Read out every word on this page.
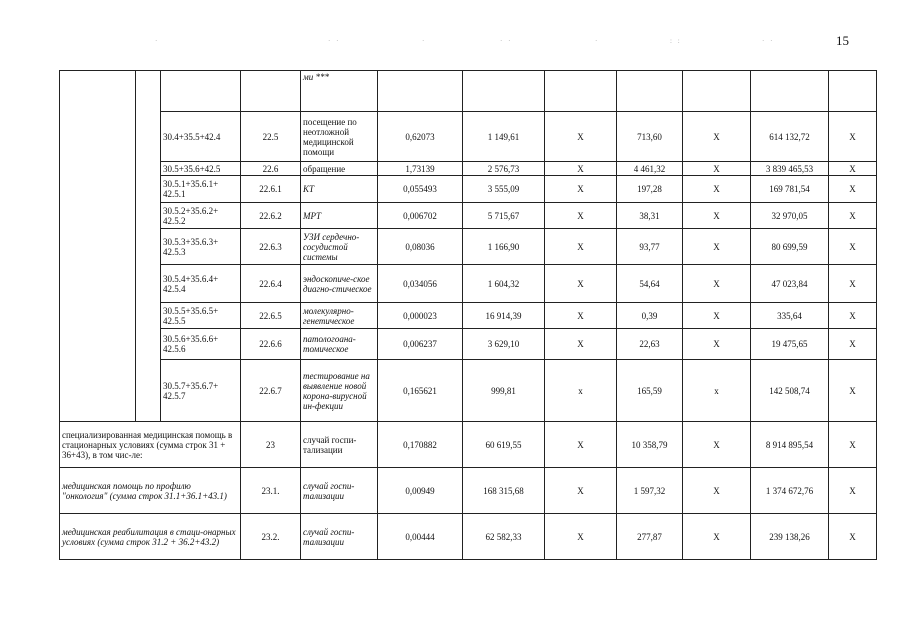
15
·	· ·	·	· ·	·	: :	· ·
				ми ***							
		30.4+35.5+42.4	22.5	посещение по неотложной медицинской помощи	0,62073	1 149,61	X	713,60	X	614 132,72	X
		30.5+35.6+42.5	22.6	обращение	1,73139	2 576,73	X	4 461,32	X	3 839 465,53	X
		30.5.1+35.6.1+ 42.5.1	22.6.1	КТ	0,055493	3 555,09	X	197,28	X	169 781,54	X
		30.5.2+35.6.2+ 42.5.2	22.6.2	МРТ	0,006702	5 715,67	X	38,31	X	32 970,05	X
		30.5.3+35.6.3+ 42.5.3	22.6.3	УЗИ сердечно-сосудистой системы	0,08036	1 166,90	X	93,77	X	80 699,59	X
		30.5.4+35.6.4+ 42.5.4	22.6.4	эндоскопиче-ское диагно-стическое	0,034056	1 604,32	X	54,64	X	47 023,84	X
		30.5.5+35.6.5+ 42.5.5	22.6.5	молекулярно-генетическое	0,000023	16 914,39	X	0,39	X	335,64	X
		30.5.6+35.6.6+ 42.5.6	22.6.6	патологоана-томическое	0,006237	3 629,10	X	22,63	X	19 475,65	X
		30.5.7+35.6.7+ 42.5.7	22.6.7	тестирование на выявление новой корона-вирусной ин-фекции	0,165621	999,81	х	165,59	х	142 508,74	X
специализированная медицинская помощь в стационарных условиях (сумма строк 31 + 36+43), в том чис-ле:			23	случай госпи-тализации	0,170882	60 619,55	X	10 358,79	X	8 914 895,54	X
медицинская помощь по профилю "онкология" (сумма строк 31.1+36.1+43.1)			23.1.	случай госпи-тализации	0,00949	168 315,68	X	1 597,32	X	1 374 672,76	X
медицинская реабилитация в стаци-онарных условиях (сумма строк 31.2 + 36.2+43.2)			23.2.	случай госпи-тализации	0,00444	62 582,33	X	277,87	X	239 138,26	X
